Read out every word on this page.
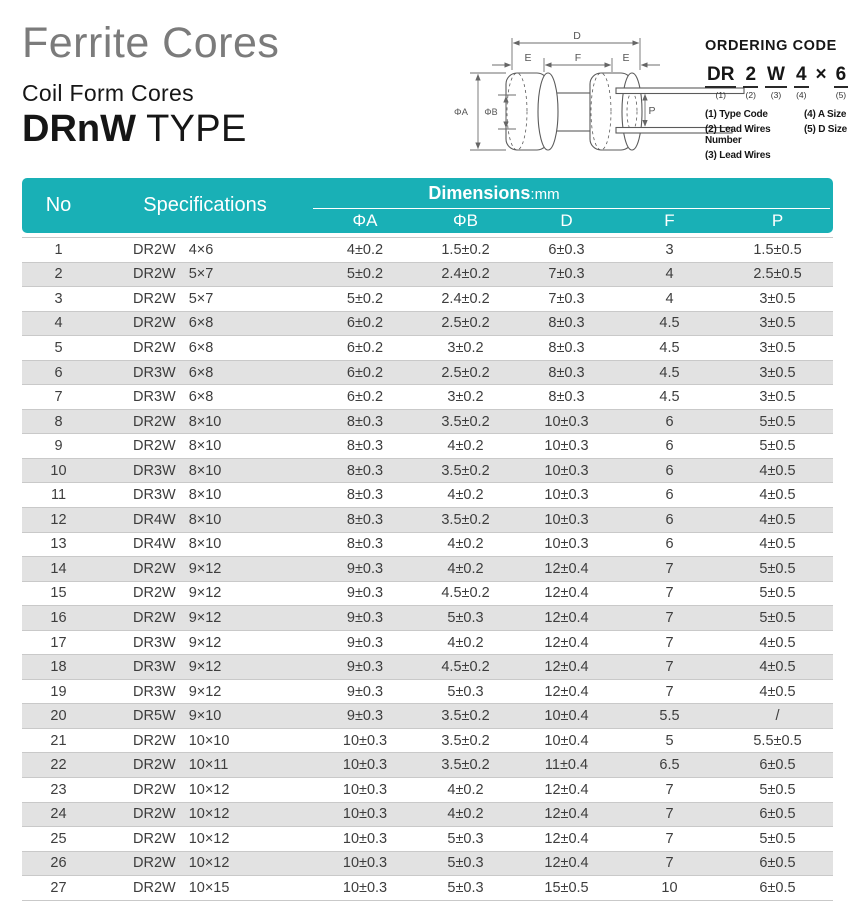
Ferrite Cores
Coil Form Cores
DRnW TYPE
D
F
E	E
ΦA ΦB	P
ORDERING CODE
DR
(1)
2
(2)
W
(3)
4
(4)
× 6
(5)
(1) Type Code	(4) A Size
(2) Lead Wires Number
(5) D Size
(3) Lead Wires
No	Specifications
Dimensions:mm
ΦA	ΦB	D	F	P
1	DR2W 4×6	4±0.2	1.5±0.2	6±0.3	3	1.5±0.5
2	DR2W 5×7	5±0.2	2.4±0.2	7±0.3	4	2.5±0.5
3	DR2W 5×7	5±0.2	2.4±0.2	7±0.3	4	3±0.5
4	DR2W 6×8	6±0.2	2.5±0.2	8±0.3	4.5	3±0.5
5	DR2W 6×8	6±0.2	3±0.2	8±0.3	4.5	3±0.5
6	DR3W 6×8	6±0.2	2.5±0.2	8±0.3	4.5	3±0.5
7	DR3W 6×8	6±0.2	3±0.2	8±0.3	4.5	3±0.5
8	DR2W 8×10	8±0.3	3.5±0.2	10±0.3	6	5±0.5
9	DR2W 8×10	8±0.3	4±0.2	10±0.3	6	5±0.5
10	DR3W 8×10	8±0.3	3.5±0.2	10±0.3	6	4±0.5
11	DR3W 8×10	8±0.3	4±0.2	10±0.3	6	4±0.5
12	DR4W 8×10	8±0.3	3.5±0.2	10±0.3	6	4±0.5
13	DR4W 8×10	8±0.3	4±0.2	10±0.3	6	4±0.5
14	DR2W 9×12	9±0.3	4±0.2	12±0.4	7	5±0.5
15	DR2W 9×12	9±0.3	4.5±0.2	12±0.4	7	5±0.5
16	DR2W 9×12	9±0.3	5±0.3	12±0.4	7	5±0.5
17	DR3W 9×12	9±0.3	4±0.2	12±0.4	7	4±0.5
18	DR3W 9×12	9±0.3	4.5±0.2	12±0.4	7	4±0.5
19	DR3W 9×12	9±0.3	5±0.3	12±0.4	7	4±0.5
20	DR5W 9×10	9±0.3	3.5±0.2	10±0.4	5.5	/
21	DR2W 10×10	10±0.3	3.5±0.2	10±0.4	5	5.5±0.5
22	DR2W 10×11	10±0.3	3.5±0.2	11±0.4	6.5	6±0.5
23	DR2W 10×12	10±0.3	4±0.2	12±0.4	7	5±0.5
24	DR2W 10×12	10±0.3	4±0.2	12±0.4	7	6±0.5
25	DR2W 10×12	10±0.3	5±0.3	12±0.4	7	5±0.5
26	DR2W 10×12	10±0.3	5±0.3	12±0.4	7	6±0.5
27	DR2W 10×15	10±0.3	5±0.3	15±0.5	10	6±0.5
